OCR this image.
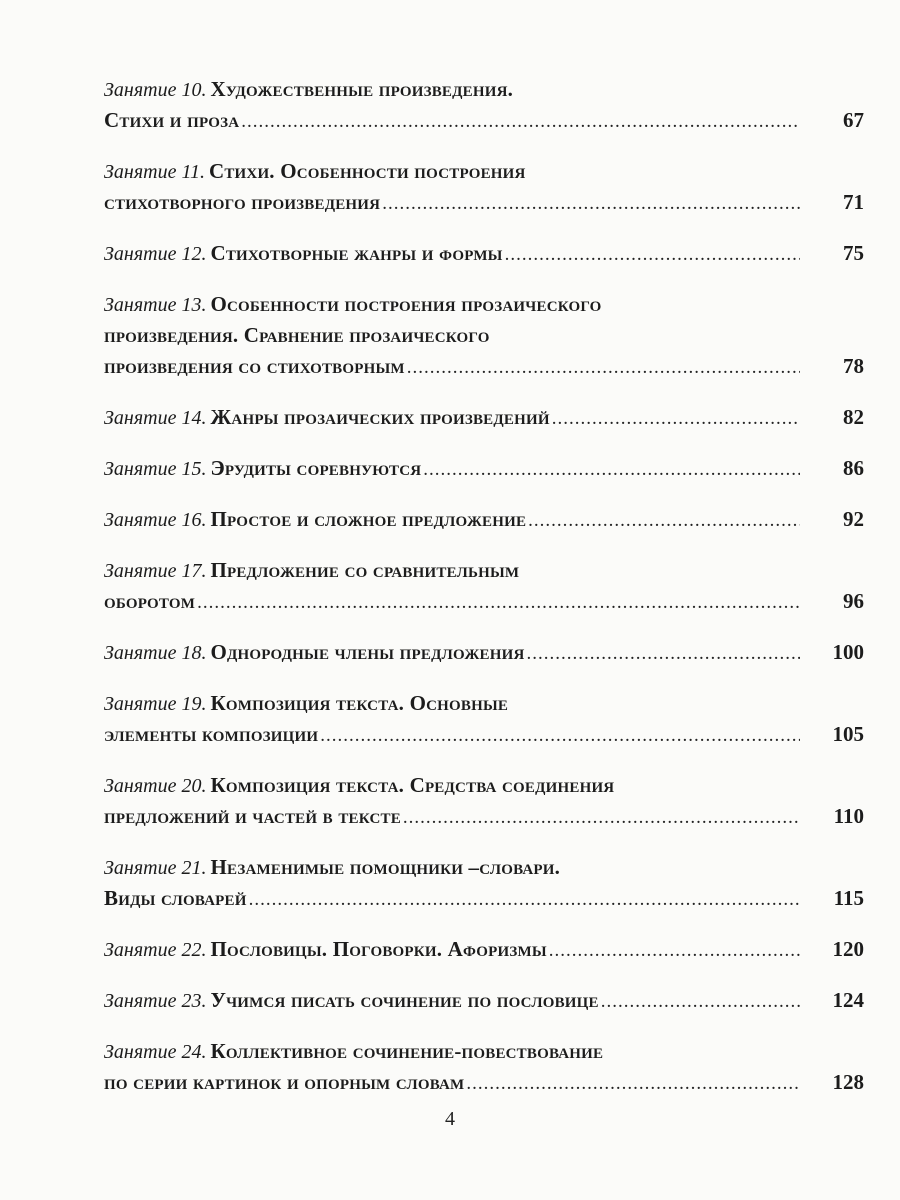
Занятие 10. Художественные произведения.
Стихи и проза .....	67
Занятие 11. Стихи. Особенности построения
стихотворного произведения .....	71
Занятие 12. Стихотворные жанры и формы .....	75
Занятие 13. Особенности построения прозаического
произведения. Сравнение прозаического
произведения со стихотворным .....	78
Занятие 14. Жанры прозаических произведений .....	82
Занятие 15. Эрудиты соревнуются .....	86
Занятие 16. Простое и сложное предложение .....	92
Занятие 17. Предложение со сравнительным
оборотом .....	96
Занятие 18. Однородные члены предложения .....	100
Занятие 19. Композиция текста. Основные
элементы композиции .....	105
Занятие 20. Композиция текста. Средства соединения
предложений и частей в тексте .....	110
Занятие 21. Незаменимые помощники –словари.
Виды словарей .....	115
Занятие 22. Пословицы. Поговорки. Афоризмы .....	120
Занятие 23. Учимся писать сочинение по пословице .....	124
Занятие 24. Коллективное сочинение-повествование
по серии картинок и опорным словам .....	128
4
